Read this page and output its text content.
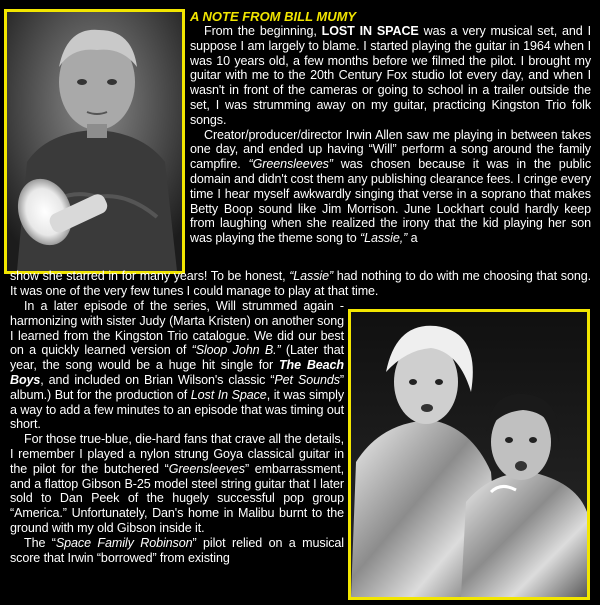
A NOTE FROM BILL MUMY

From the beginning, LOST IN SPACE was a very musical set, and I suppose I am largely to blame. I started playing the guitar in 1964 when I was 10 years old, a few months before we filmed the pilot. I brought my guitar with me to the 20th Century Fox studio lot every day, and when I wasn't in front of the cameras or going to school in a trailer outside the set, I was strumming away on my guitar, practicing Kingston Trio folk songs.

Creator/producer/director Irwin Allen saw me playing in between takes one day, and ended up having “Will” perform a song around the family campfire. “Greensleeves” was chosen because it was in the public domain and didn't cost them any publishing clearance fees. I cringe every time I hear myself awkwardly singing that verse in a soprano that makes Betty Boop sound like Jim Morrison. June Lockhart could hardly keep from laughing when she realized the irony that the kid playing her son was playing the theme song to “Lassie,” a

show she starred in for many years! To be honest, “Lassie” had nothing to do with me choosing that song. It was one of the very few tunes I could manage to play at that time.

In a later episode of the series, Will strummed again - harmonizing with sister Judy (Marta Kristen) on another song I learned from the Kingston Trio catalogue. We did our best on a quickly learned version of “Sloop John B.” (Later that year, the song would be a huge hit single for The Beach Boys, and included on Brian Wilson's classic “Pet Sounds” album.) But for the production of Lost In Space, it was simply a way to add a few minutes to an episode that was timing out short.

For those true-blue, die-hard fans that crave all the details, I remember I played a nylon strung Goya classical guitar in the pilot for the butchered “Greensleeves” embarrassment, and a flattop Gibson B-25 model steel string guitar that I later sold to Dan Peek of the hugely successful pop group “America.” Unfortunately, Dan's home in Malibu burnt to the ground with my old Gibson inside it.

The “Space Family Robinson” pilot relied on a musical score that Irwin “borrowed” from existing
